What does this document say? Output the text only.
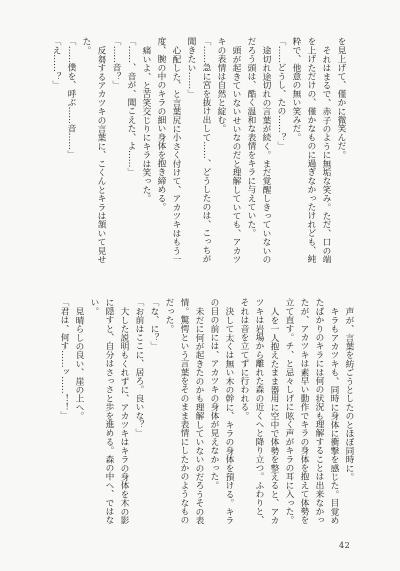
を見上げて、僅かに微笑んだ。
それはまるで、赤子のように無垢な笑み。ただ、口の端
を上げただけの、僅かなものに過ぎなかったけれども、純
粋で、他意の無い笑みだ。
「……どうし、たの……？」
途切れ途切れの言葉が続く。まだ覚醒しきっていないの
だろう頭は、酷く温和な表情をキラに与えていた。
頭が起きていないせいなのだと理解していても、アカツ
キの表情は自然と綻む。
「……急に宮を抜け出して……、どうしたのは、こっちが
聞きたい……」
心配した、と言葉尻に小さく付けて、アカツキはもう一
度、腕の中のキラの細い身体を抱き締める。
痛いよ、と苦笑交じりにキラは笑った。
「……、音が、聞こえた、よ……」
「……音？」
反芻するアカツキの言葉に、こくんとキラは頷いて見せ
た。
「……僕を、呼ぶ……音……」
「え……？」
声が、言葉を紡ごうとしたのとほぼ同時に。
キラもアカツキも、同時に身体に衝撃を感じた。目覚め
たばかりのキラには何の状況も理解することは出来なかっ
たが、アカツキは素早い動作でキラの身体を抱えて体勢を
立て直す。チ、と忌々しげに呟く声がキラの耳に入った。
人を一人抱えたまま器用に空中で体勢を整えると、アカ
ツキは岩場から離れた森の近くへと降り立つ。ふわりと、
それは音を立てずに行われる。
決して太くは無い木の幹に、キラの身体を預ける。キラ
の目の前には、アカツキの身体が見えなかった。
未だに何が起きたのかも理解していないのだろうその表
情。驚愕という言葉をそのまま表情にしたかのようなもの
だった。
「な、に？」
「お前はここに、居ろ。良いな？」
大した説明もくれずに、アカツキはキラの身体を木の影
に隠すと、自分はさっさと歩を進める。森の中へ、ではな
い。
見晴らしの良い、崖の上へ。
「君は、何す……ッ……！！」
42
